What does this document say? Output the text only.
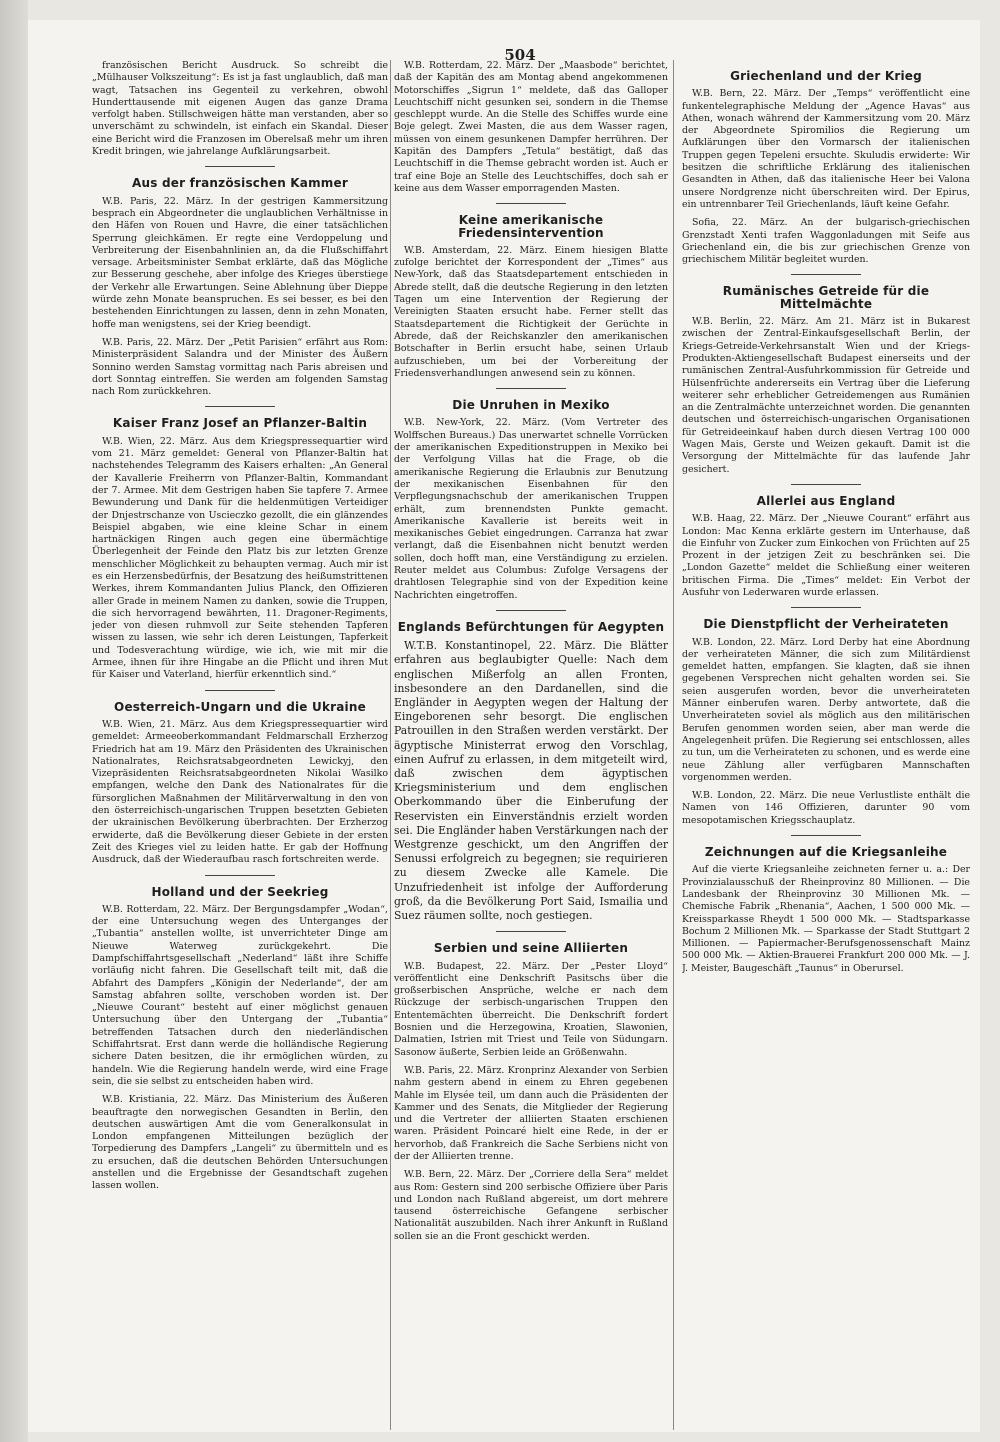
504

französischen Bericht Ausdruck. So schreibt die „Mülhauser Volkszeitung“: Es ist ja fast unglaublich, daß man wagt, Tatsachen ins Gegenteil zu verkehren, obwohl Hunderttausende mit eigenen Augen das ganze Drama verfolgt haben. Stillschweigen hätte man verstanden, aber so unverschämt zu schwindeln, ist einfach ein Skandal. Dieser eine Bericht wird die Franzosen im Oberelsaß mehr um ihren Kredit bringen, wie jahrelange Aufklärungsarbeit.

Aus der französischen Kammer

W.B. Paris, 22. März. In der gestrigen Kammersitzung besprach ein Abgeordneter die unglaublichen Verhältnisse in den Häfen von Rouen und Havre, die einer tatsächlichen Sperrung gleichkämen. Er regte eine Verdoppelung und Verbreiterung der Eisenbahnlinien an, da die Flußschiffahrt versage. Arbeitsminister Sembat erklärte, daß das Mögliche zur Besserung geschehe, aber infolge des Krieges überstiege der Verkehr alle Erwartungen. Seine Ablehnung über Dieppe würde zehn Monate beanspruchen. Es sei besser, es bei den bestehenden Einrichtungen zu lassen, denn in zehn Monaten, hoffe man wenigstens, sei der Krieg beendigt.

W.B. Paris, 22. März. Der „Petit Parisien“ erfährt aus Rom: Ministerpräsident Salandra und der Minister des Äußern Sonnino werden Samstag vormittag nach Paris abreisen und dort Sonntag eintreffen. Sie werden am folgenden Samstag nach Rom zurückkehren.

Kaiser Franz Josef an Pflanzer-Baltin

W.B. Wien, 22. März. Aus dem Kriegspressequartier wird vom 21. März gemeldet: General von Pflanzer-Baltin hat nachstehendes Telegramm des Kaisers erhalten: „An General der Kavallerie Freiherrn von Pflanzer-Baltin, Kommandant der 7. Armee. Mit dem Gestrigen haben Sie tapfere 7. Armee Bewunderung und Dank für die heldenmütigen Verteidiger der Dnjestrschanze von Uscieczko gezollt, die ein glänzendes Beispiel abgaben, wie eine kleine Schar in einem hartnäckigen Ringen auch gegen eine übermächtige Überlegenheit der Feinde den Platz bis zur letzten Grenze menschlicher Möglichkeit zu behaupten vermag. Auch mir ist es ein Herzensbedürfnis, der Besatzung des heißumstrittenen Werkes, ihrem Kommandanten Julius Planck, den Offizieren aller Grade in meinem Namen zu danken, sowie die Truppen, die sich hervorragend bewährten, 11. Dragoner-Regiments, jeder von diesen ruhmvoll zur Seite stehenden Tapferen wissen zu lassen, wie sehr ich deren Leistungen, Tapferkeit und Todesverachtung würdige, wie ich, wie mit mir die Armee, ihnen für ihre Hingabe an die Pflicht und ihren Mut für Kaiser und Vaterland, hierfür erkenntlich sind.“

Oesterreich-Ungarn und die Ukraine

W.B. Wien, 21. März. Aus dem Kriegspressequartier wird gemeldet: Armeeoberkommandant Feldmarschall Erzherzog Friedrich hat am 19. März den Präsidenten des Ukrainischen Nationalrates, Reichsratsabgeordneten Lewickyj, den Vizepräsidenten Reichsratsabgeordneten Nikolai Wasilko empfangen, welche den Dank des Nationalrates für die fürsorglichen Maßnahmen der Militärverwaltung in den von den österreichisch-ungarischen Truppen besetzten Gebieten der ukrainischen Bevölkerung überbrachten. Der Erzherzog erwiderte, daß die Bevölkerung dieser Gebiete in der ersten Zeit des Krieges viel zu leiden hatte. Er gab der Hoffnung Ausdruck, daß der Wiederaufbau rasch fortschreiten werde.

Holland und der Seekrieg

W.B. Rotterdam, 22. März. Der Bergungsdampfer „Wodan“, der eine Untersuchung wegen des Unterganges der „Tubantia“ anstellen wollte, ist unverrichteter Dinge am Nieuwe Waterweg zurückgekehrt. Die Dampfschiffahrtsgesellschaft „Nederland“ läßt ihre Schiffe vorläufig nicht fahren. Die Gesellschaft teilt mit, daß die Abfahrt des Dampfers „Königin der Nederlande“, der am Samstag abfahren sollte, verschoben worden ist. Der „Nieuwe Courant“ besteht auf einer möglichst genauen Untersuchung über den Untergang der „Tubantia“ betreffenden Tatsachen durch den niederländischen Schiffahrtsrat. Erst dann werde die holländische Regierung sichere Daten besitzen, die ihr ermöglichen würden, zu handeln. Wie die Regierung handeln werde, wird eine Frage sein, die sie selbst zu entscheiden haben wird.

W.B. Kristiania, 22. März. Das Ministerium des Äußeren beauftragte den norwegischen Gesandten in Berlin, den deutschen auswärtigen Amt die vom Generalkonsulat in London empfangenen Mitteilungen bezüglich der Torpedierung des Dampfers „Langeli“ zu übermitteln und es zu ersuchen, daß die deutschen Behörden Untersuchungen anstellen und die Ergebnisse der Gesandtschaft zugehen lassen wollen.

W.B. Rotterdam, 22. März. Der „Maasbode“ berichtet, daß der Kapitän des am Montag abend angekommenen Motorschiffes „Sigrun 1“ meldete, daß das Galloper Leuchtschiff nicht gesunken sei, sondern in die Themse geschleppt wurde. An die Stelle des Schiffes wurde eine Boje gelegt. Zwei Masten, die aus dem Wasser ragen, müssen von einem gesunkenen Dampfer herrühren. Der Kapitän des Dampfers „Tetula“ bestätigt, daß das Leuchtschiff in die Themse gebracht worden ist. Auch er traf eine Boje an Stelle des Leuchtschiffes, doch sah er keine aus dem Wasser emporragenden Masten.

Keine amerikanische Friedensintervention

W.B. Amsterdam, 22. März. Einem hiesigen Blatte zufolge berichtet der Korrespondent der „Times“ aus New-York, daß das Staatsdepartement entschieden in Abrede stellt, daß die deutsche Regierung in den letzten Tagen um eine Intervention der Regierung der Vereinigten Staaten ersucht habe. Ferner stellt das Staatsdepartement die Richtigkeit der Gerüchte in Abrede, daß der Reichskanzler den amerikanischen Botschafter in Berlin ersucht habe, seinen Urlaub aufzuschieben, um bei der Vorbereitung der Friedensverhandlungen anwesend sein zu können.

Die Unruhen in Mexiko

W.B. New-York, 22. März. (Vom Vertreter des Wolffschen Bureaus.) Das unerwartet schnelle Vorrücken der amerikanischen Expeditionstruppen in Mexiko bei der Verfolgung Villas hat die Frage, ob die amerikanische Regierung die Erlaubnis zur Benutzung der mexikanischen Eisenbahnen für den Verpflegungsnachschub der amerikanischen Truppen erhält, zum brennendsten Punkte gemacht. Amerikanische Kavallerie ist bereits weit in mexikanisches Gebiet eingedrungen. Carranza hat zwar verlangt, daß die Eisenbahnen nicht benutzt werden sollen, doch hofft man, eine Verständigung zu erzielen. Reuter meldet aus Columbus: Zufolge Versagens der drahtlosen Telegraphie sind von der Expedition keine Nachrichten eingetroffen.

Englands Befürchtungen für Aegypten

W.T.B. Konstantinopel, 22. März. Die Blätter erfahren aus beglaubigter Quelle: Nach dem englischen Mißerfolg an allen Fronten, insbesondere an den Dardanellen, sind die Engländer in Aegypten wegen der Haltung der Eingeborenen sehr besorgt. Die englischen Patrouillen in den Straßen werden verstärkt. Der ägyptische Ministerrat erwog den Vorschlag, einen Aufruf zu erlassen, in dem mitgeteilt wird, daß zwischen dem ägyptischen Kriegsministerium und dem englischen Oberkommando über die Einberufung der Reservisten ein Einverständnis erzielt worden sei. Die Engländer haben Verstärkungen nach der Westgrenze geschickt, um den Angriffen der Senussi erfolgreich zu begegnen; sie requirieren zu diesem Zwecke alle Kamele. Die Unzufriedenheit ist infolge der Aufforderung groß, da die Bevölkerung Port Said, Ismailia und Suez räumen sollte, noch gestiegen.

Serbien und seine Alliierten

W.B. Budapest, 22. März. Der „Pester Lloyd“ veröffentlicht eine Denkschrift Pasitschs über die großserbischen Ansprüche, welche er nach dem Rückzuge der serbisch-ungarischen Truppen den Ententemächten überreicht. Die Denkschrift fordert Bosnien und die Herzegowina, Kroatien, Slawonien, Dalmatien, Istrien mit Triest und Teile von Südungarn. Sasonow äußerte, Serbien leide an Größenwahn.

W.B. Paris, 22. März. Kronprinz Alexander von Serbien nahm gestern abend in einem zu Ehren gegebenen Mahle im Elysée teil, um dann auch die Präsidenten der Kammer und des Senats, die Mitglieder der Regierung und die Vertreter der alliierten Staaten erschienen waren. Präsident Poincaré hielt eine Rede, in der er hervorhob, daß Frankreich die Sache Serbiens nicht von der der Alliierten trenne.

W.B. Bern, 22. März. Der „Corriere della Sera“ meldet aus Rom: Gestern sind 200 serbische Offiziere über Paris und London nach Rußland abgereist, um dort mehrere tausend österreichische Gefangene serbischer Nationalität auszubilden. Nach ihrer Ankunft in Rußland sollen sie an die Front geschickt werden.

Griechenland und der Krieg

W.B. Bern, 22. März. Der „Temps“ veröffentlicht eine funkentelegraphische Meldung der „Agence Havas“ aus Athen, wonach während der Kammersitzung vom 20. März der Abgeordnete Spiromilios die Regierung um Aufklärungen über den Vormarsch der italienischen Truppen gegen Tepeleni ersuchte. Skuludis erwiderte: Wir besitzen die schriftliche Erklärung des italienischen Gesandten in Athen, daß das italienische Heer bei Valona unsere Nordgrenze nicht überschreiten wird. Der Epirus, ein untrennbarer Teil Griechenlands, läuft keine Gefahr.

Sofia, 22. März. An der bulgarisch-griechischen Grenzstadt Xenti trafen Waggonladungen mit Seife aus Griechenland ein, die bis zur griechischen Grenze von griechischem Militär begleitet wurden.

Rumänisches Getreide für die Mittelmächte

W.B. Berlin, 22. März. Am 21. März ist in Bukarest zwischen der Zentral-Einkaufsgesellschaft Berlin, der Kriegs-Getreide-Verkehrsanstalt Wien und der Kriegs-Produkten-Aktiengesellschaft Budapest einerseits und der rumänischen Zentral-Ausfuhrkommission für Getreide und Hülsenfrüchte andererseits ein Vertrag über die Lieferung weiterer sehr erheblicher Getreidemengen aus Rumänien an die Zentralmächte unterzeichnet worden. Die genannten deutschen und österreichisch-ungarischen Organisationen für Getreideeinkauf haben durch diesen Vertrag 100 000 Wagen Mais, Gerste und Weizen gekauft. Damit ist die Versorgung der Mittelmächte für das laufende Jahr gesichert.

Allerlei aus England

W.B. Haag, 22. März. Der „Nieuwe Courant“ erfährt aus London: Mac Kenna erklärte gestern im Unterhause, daß die Einfuhr von Zucker zum Einkochen von Früchten auf 25 Prozent in der jetzigen Zeit zu beschränken sei. Die „London Gazette“ meldet die Schließung einer weiteren britischen Firma. Die „Times“ meldet: Ein Verbot der Ausfuhr von Lederwaren wurde erlassen.

Die Dienstpflicht der Verheirateten

W.B. London, 22. März. Lord Derby hat eine Abordnung der verheirateten Männer, die sich zum Militärdienst gemeldet hatten, empfangen. Sie klagten, daß sie ihnen gegebenen Versprechen nicht gehalten worden sei. Sie seien ausgerufen worden, bevor die unverheirateten Männer einberufen waren. Derby antwortete, daß die Unverheirateten soviel als möglich aus den militärischen Berufen genommen worden seien, aber man werde die Angelegenheit prüfen. Die Regierung sei entschlossen, alles zu tun, um die Verheirateten zu schonen, und es werde eine neue Zählung aller verfügbaren Mannschaften vorgenommen werden.

W.B. London, 22. März. Die neue Verlustliste enthält die Namen von 146 Offizieren, darunter 90 vom mesopotamischen Kriegsschauplatz.

Zeichnungen auf die Kriegsanleihe

Auf die vierte Kriegsanleihe zeichneten ferner u. a.: Der Provinzialausschuß der Rheinprovinz 80 Millionen. — Die Landesbank der Rheinprovinz 30 Millionen Mk. — Chemische Fabrik „Rhenania“, Aachen, 1 500 000 Mk. — Kreissparkasse Rheydt 1 500 000 Mk. — Stadtsparkasse Bochum 2 Millionen Mk. — Sparkasse der Stadt Stuttgart 2 Millionen. — Papiermacher-Berufsgenossenschaft Mainz 500 000 Mk. — Aktien-Brauerei Frankfurt 200 000 Mk. — J. J. Meister, Baugeschäft „Taunus“ in Oberursel.
